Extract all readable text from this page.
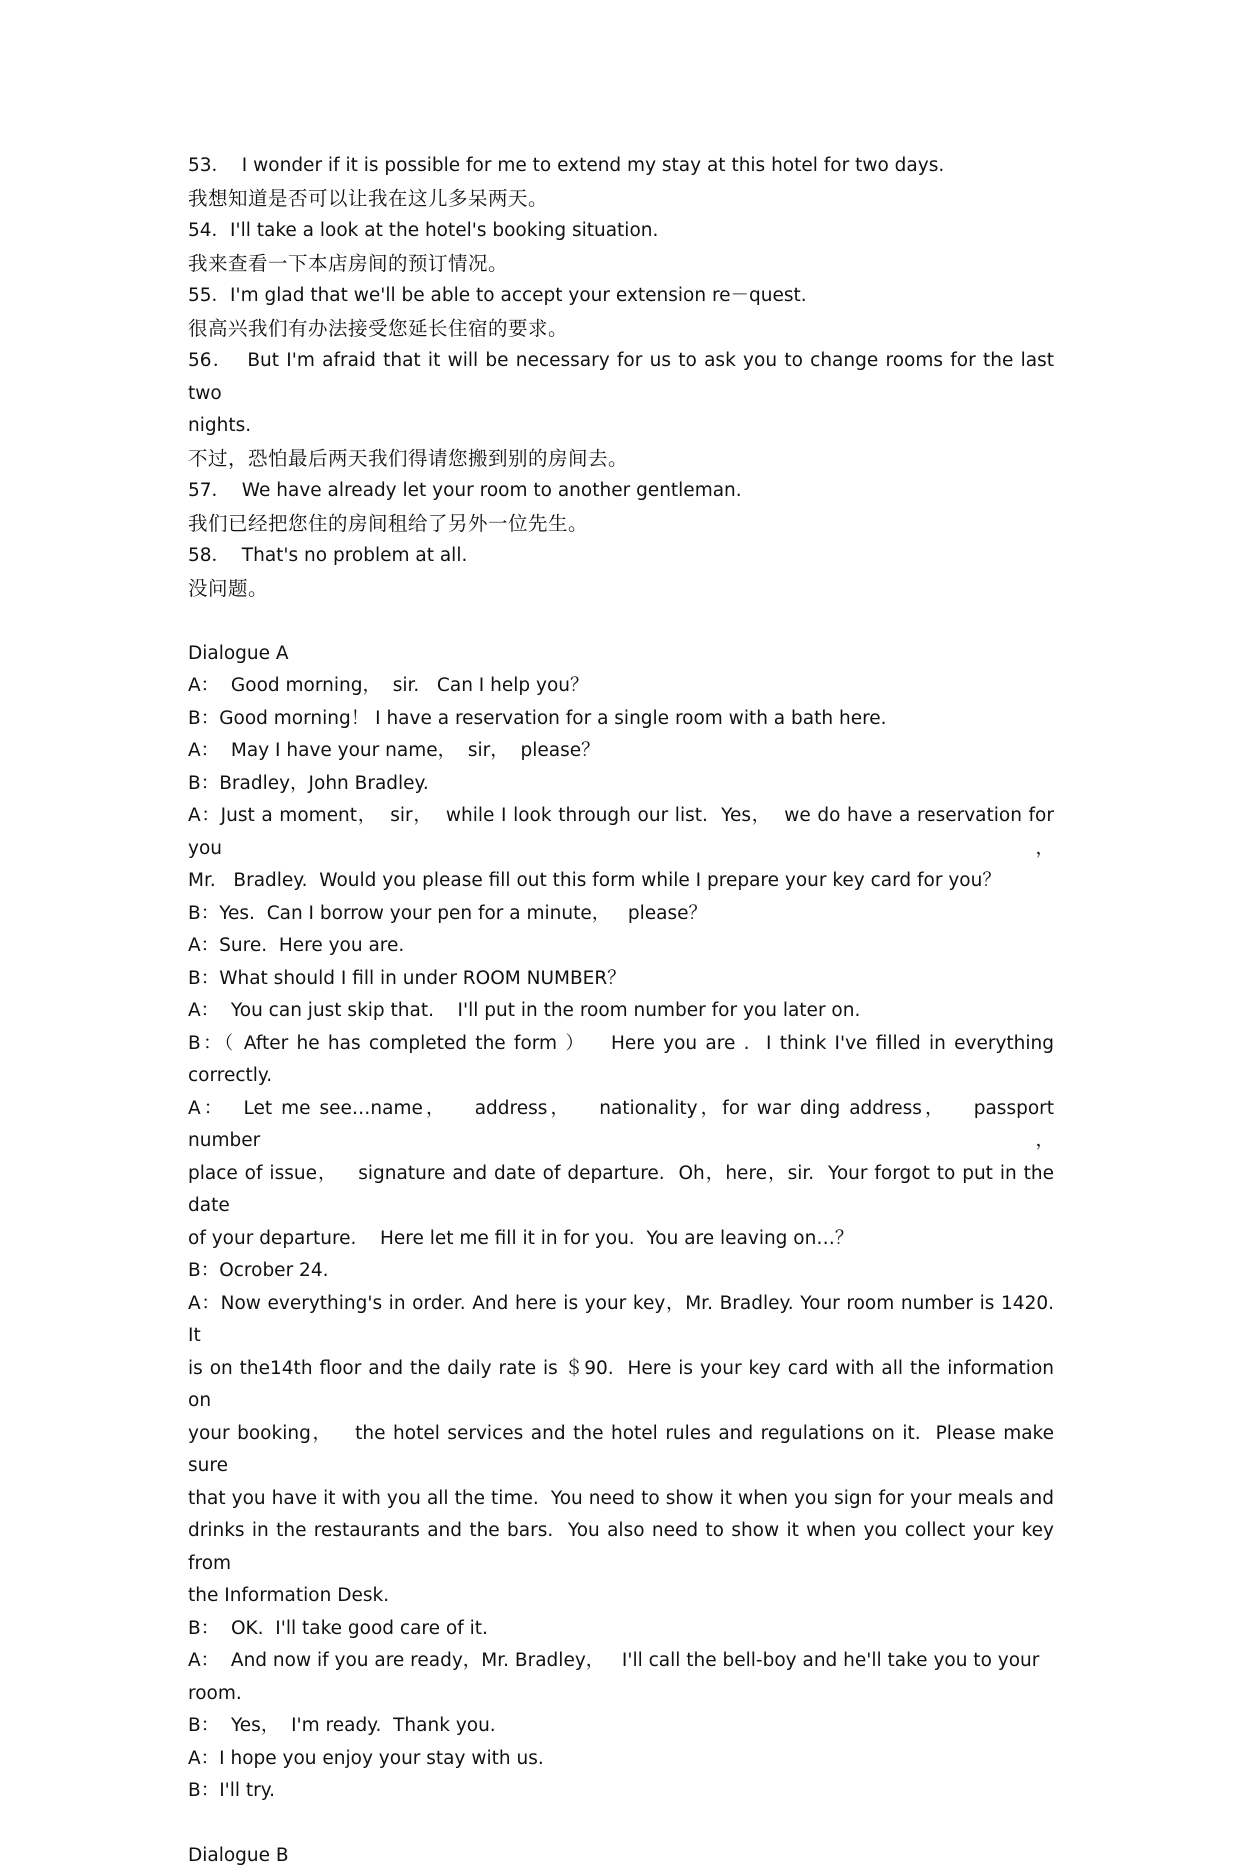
53．  I wonder if it is possible for me to extend my stay at this hotel for two days.

我想知道是否可以让我在这儿多呆两天。

54．I'll take a look at the hotel's booking situation.

我来查看一下本店房间的预订情况。

55．I'm glad that we'll be able to accept your extension re－quest.

很高兴我们有办法接受您延长住宿的要求。

56．  But I'm afraid that it will be necessary for us to ask you to change rooms for the last two

nights.

不过，恐怕最后两天我们得请您搬到别的房间去。

57．  We have already let your room to another gentleman.

我们已经把您住的房间租给了另外一位先生。

58．  That's no problem at all.

没问题。

Dialogue A

A：  Good morning，  sir.   Can I help you？

B：Good morning！ I have a reservation for a single room with a bath here.

A：  May I have your name，  sir，  please？

B：Bradley，John Bradley.

A：Just a moment，  sir，  while I look through our list.  Yes，  we do have a reservation for you，

Mr.   Bradley.  Would you please fill out this form while I prepare your key card for you？

B：Yes.  Can I borrow your pen for a minute，   please？

A：Sure.  Here you are.

B：What should I fill in under ROOM NUMBER？

A：  You can just skip that.    I'll put in the room number for you later on.

B：（ After he has completed the form ）   Here you are .  I think I've filled in everything

correctly.

A：  Let me see…name，   address，   nationality，for war ding address，   passport number，

place of issue，   signature and date of departure.  Oh，here，sir.  Your forgot to put in the date

of your departure.    Here let me fill it in for you.  You are leaving on…？

B：Ocrober 24.

A：Now everything's in order. And here is your key，Mr. Bradley. Your room number is 1420.   It

is on the14th floor and the daily rate is ＄90.  Here is your key card with all the information on

your booking，   the hotel services and the hotel rules and regulations on it.  Please make sure

that you have it with you all the time.  You need to show it when you sign for your meals and

drinks in the restaurants and the bars.  You also need to show it when you collect your key from

the Information Desk.

B：  OK.  I'll take good care of it.

A：  And now if you are ready，Mr. Bradley，   I'll call the bell-boy and he'll take you to your room.

B：  Yes，  I'm ready.  Thank you.

A：I hope you enjoy your stay with us.

B：I'll try.

Dialogue B
